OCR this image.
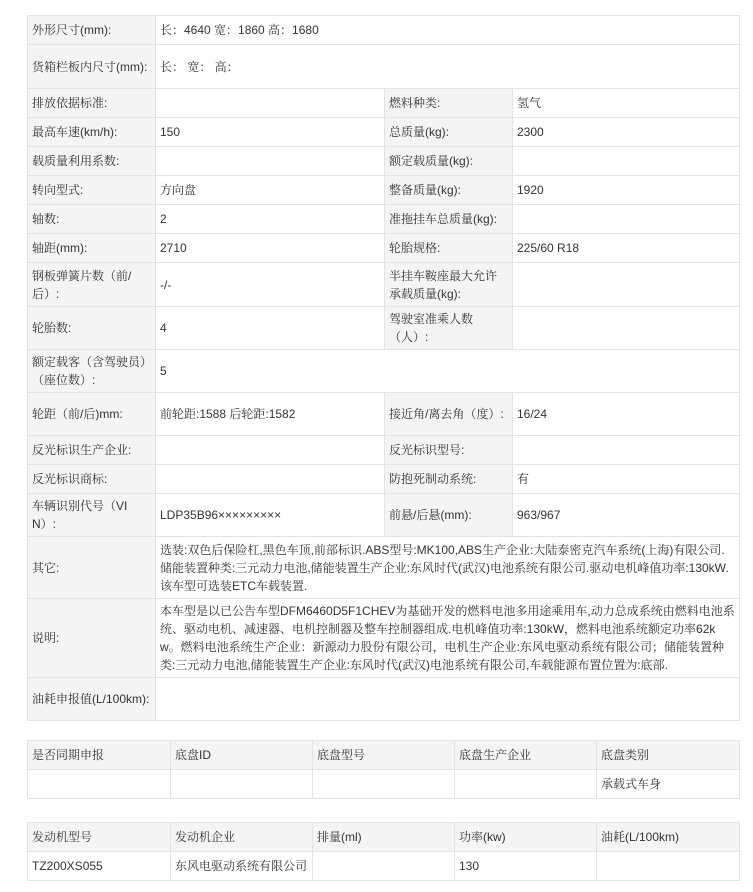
外形尺寸(mm):	长：4640 宽：1860 高：1680		
货箱栏板内尺寸(mm):	长： 宽： 高：		
排放依据标准:		燃料种类:	氢气
最高车速(km/h):	150	总质量(kg):	2300
载质量利用系数:		额定载质量(kg):	
转向型式:	方向盘	整备质量(kg):	1920
轴数:	2	准拖挂车总质量(kg):	
轴距(mm):	2710	轮胎规格:	225/60 R18
钢板弹簧片数（前/后）:	-/-	半挂车鞍座最大允许承载质量(kg):	
轮胎数:	4	驾驶室准乘人数（人）:	
额定载客（含驾驶员）（座位数）:	5		
轮距（前/后)mm:	前轮距:1588 后轮距:1582	接近角/离去角（度）:	16/24
反光标识生产企业:		反光标识型号:	
反光标识商标:		防抱死制动系统:	有
车辆识别代号（VIN）:	LDP35B96×××××××××	前悬/后悬(mm):	963/967
其它:	选装:双色后保险杠,黑色车顶,前部标识.ABS型号:MK100,ABS生产企业:大陆泰密克汽车系统(上海)有限公司.储能装置种类:三元动力电池,储能装置生产企业:东风时代(武汉)电池系统有限公司.驱动电机峰值功率:130kW.该车型可选装ETC车载装置.		
说明:	本车型是以已公告车型DFM6460D5F1CHEV为基础开发的燃料电池多用途乘用车,动力总成系统由燃料电池系统、驱动电机、减速器、电机控制器及整车控制器组成.电机峰值功率:130kW，燃料电池系统额定功率62kw。燃料电池系统生产企业：新源动力股份有限公司，电机生产企业:东风电驱动系统有限公司；储能装置种类:三元动力电池,储能装置生产企业:东风时代(武汉)电池系统有限公司,车载能源布置位置为:底部.		
油耗申报值(L/100km):			
是否同期申报	底盘ID	底盘型号	底盘生产企业	底盘类别
				承载式车身
发动机型号	发动机企业	排量(ml)	功率(kw)	油耗(L/100km)
TZ200XS055	东风电驱动系统有限公司		130	
